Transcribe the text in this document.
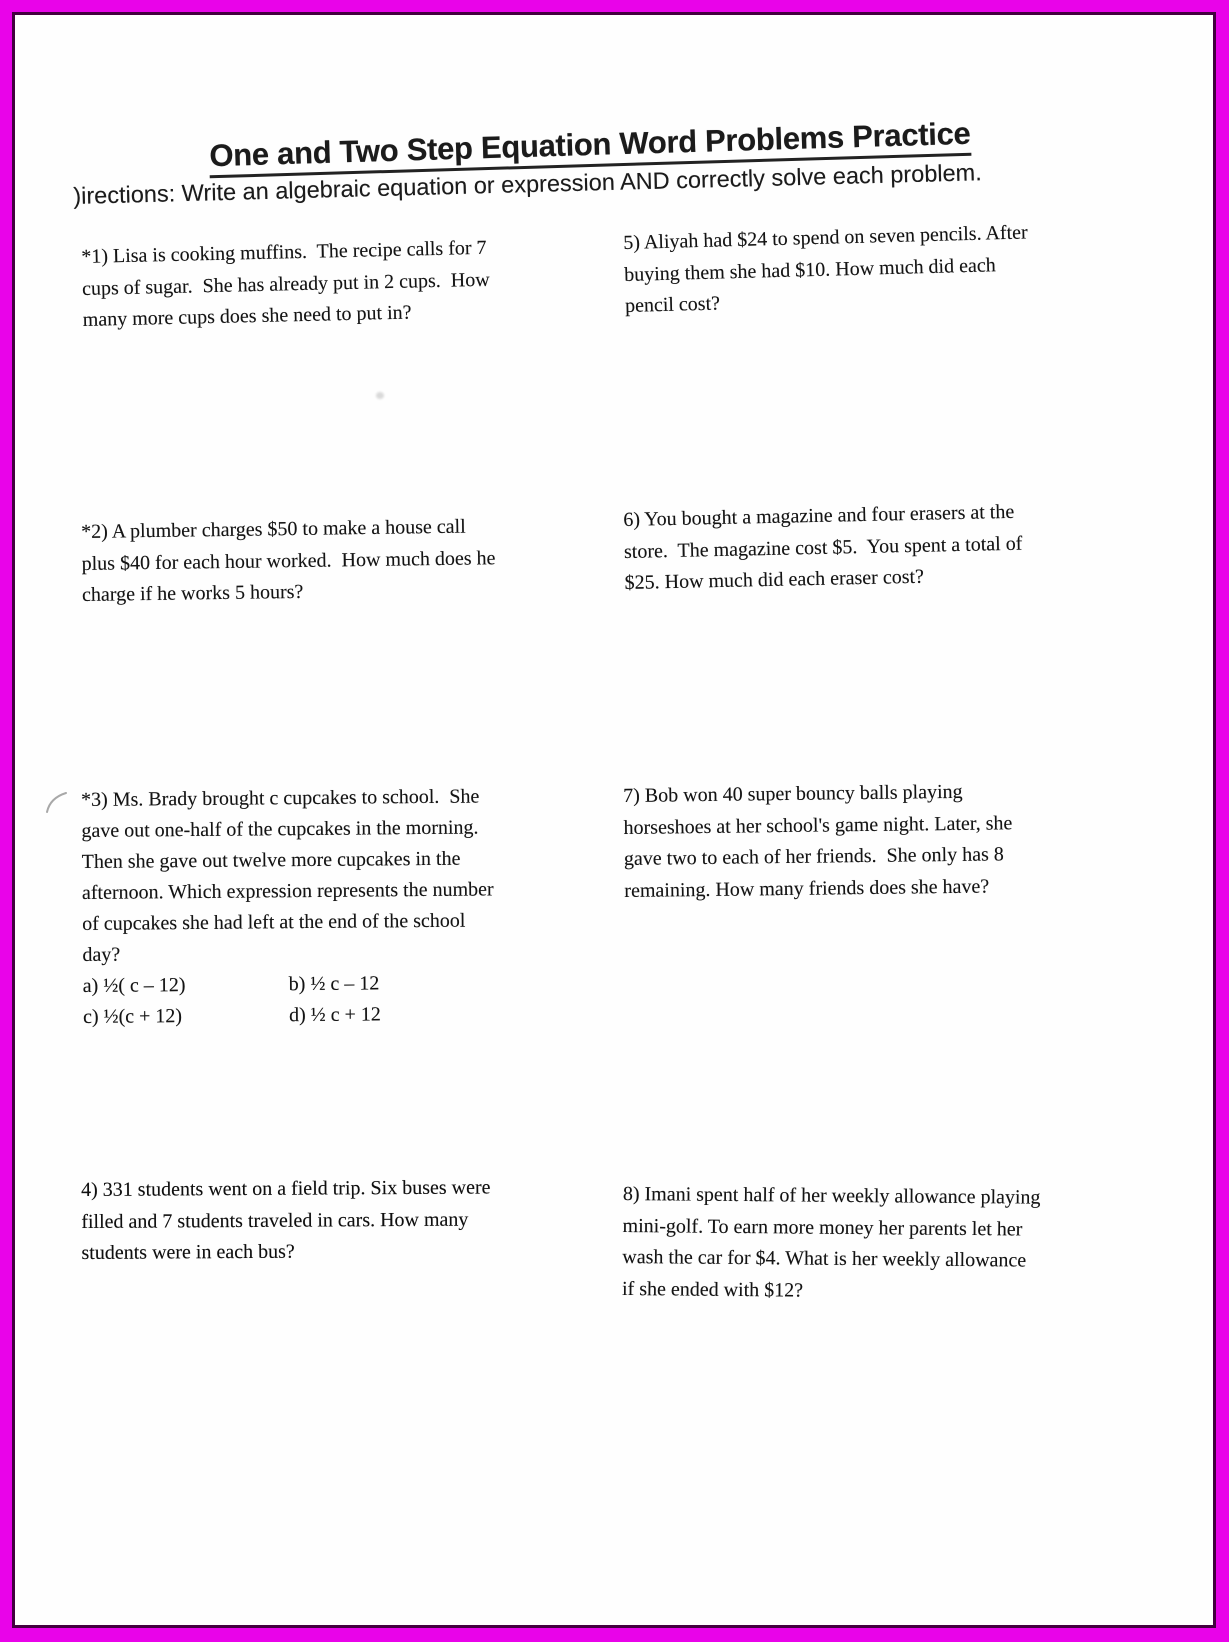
One and Two Step Equation Word Problems Practice
)irections: Write an algebraic equation or expression AND correctly solve each problem.
*1) Lisa is cooking muffins.  The recipe calls for 7
cups of sugar.  She has already put in 2 cups.  How
many more cups does she need to put in?
*2) A plumber charges $50 to make a house call
plus $40 for each hour worked.  How much does he
charge if he works 5 hours?
*3) Ms. Brady brought c cupcakes to school.  She
gave out one-half of the cupcakes in the morning.
Then she gave out twelve more cupcakes in the
afternoon. Which expression represents the number
of cupcakes she had left at the end of the school
day?
a) ½( c – 12)	b) ½ c – 12
c) ½(c + 12)	d) ½ c + 12
4) 331 students went on a field trip. Six buses were
filled and 7 students traveled in cars. How many
students were in each bus?
5) Aliyah had $24 to spend on seven pencils. After
buying them she had $10. How much did each
pencil cost?
6) You bought a magazine and four erasers at the
store.  The magazine cost $5.  You spent a total of
$25. How much did each eraser cost?
7) Bob won 40 super bouncy balls playing
horseshoes at her school's game night. Later, she
gave two to each of her friends.  She only has 8
remaining. How many friends does she have?
8) Imani spent half of her weekly allowance playing
mini-golf. To earn more money her parents let her
wash the car for $4. What is her weekly allowance
if she ended with $12?
